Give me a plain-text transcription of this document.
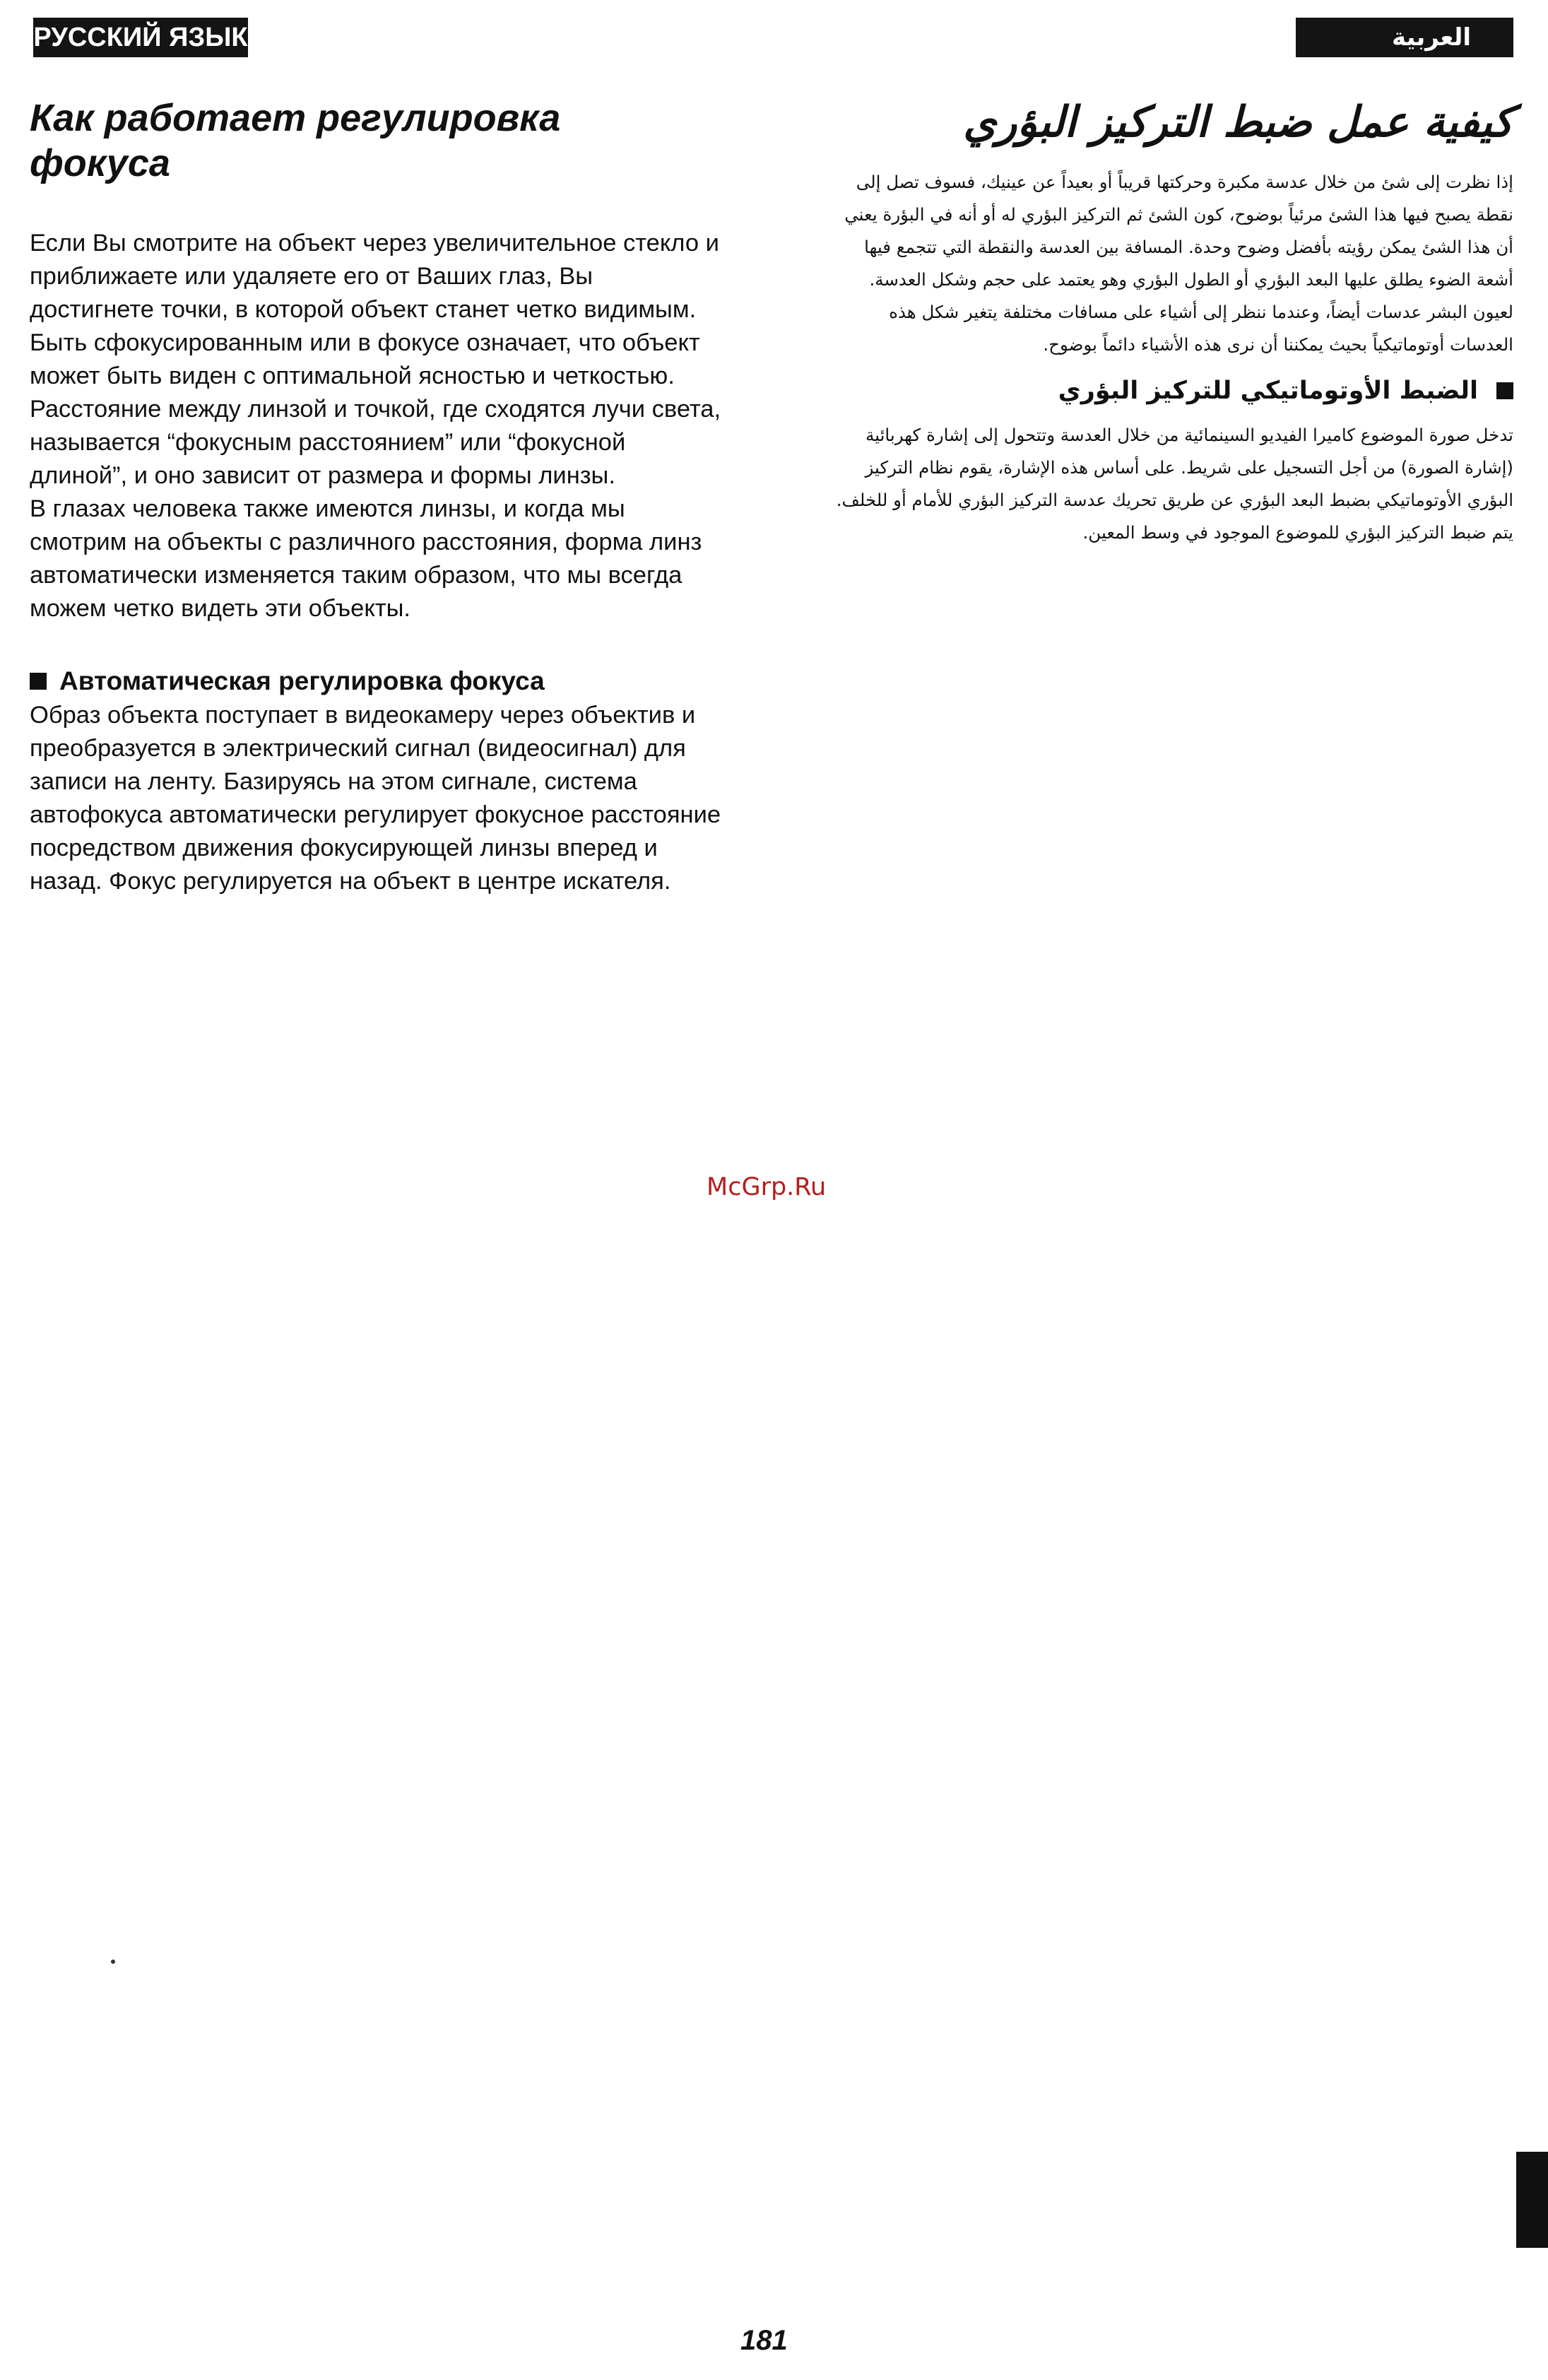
РУССКИЙ ЯЗЫК	العربية
Как работает регулировка фокуса

Если Вы смотрите на объект через увеличительное стекло и приближаете или удаляете его от Ваших глаз, Вы достигнете точки, в которой объект станет четко видимым.

Быть сфокусированным или в фокусе означает, что объект может быть виден с оптимальной ясностью и четкостью. Расстояние между линзой и точкой, где сходятся лучи света, называется “фокусным расстоянием” или “фокусной длиной”, и оно зависит от размера и формы линзы.

В глазах человека также имеются линзы, и когда мы смотрим на объекты с различного расстояния, форма линз автоматически изменяется таким образом, что мы всегда можем четко видеть эти объекты.

Автоматическая регулировка фокуса

Образ объекта поступает в видеокамеру через объектив и преобразуется в электрический сигнал (видеосигнал) для записи на ленту. Базируясь на этом сигнале, система автофокуса автоматически регулирует фокусное расстояние посредством движения фокусирующей линзы вперед и назад. Фокус регулируется на объект в центре искателя.

كيفية عمل ضبط التركيز البؤري

إذا نظرت إلى شئ من خلال عدسة مكبرة وحركتها قريباً أو بعيداً عن عينيك، فسوف تصل إلى نقطة يصبح فيها هذا الشئ مرئياً بوضوح، كون الشئ ثم التركيز البؤري له أو أنه في البؤرة يعني أن هذا الشئ يمكن رؤيته بأفضل وضوح وحدة. المسافة بين العدسة والنقطة التي تتجمع فيها أشعة الضوء يطلق عليها البعد البؤري أو الطول البؤري وهو يعتمد على حجم وشكل العدسة.

لعيون البشر عدسات أيضاً، وعندما ننظر إلى أشياء على مسافات مختلفة يتغير شكل هذه العدسات أوتوماتيكياً بحيث يمكننا أن نرى هذه الأشياء دائماً بوضوح.

الضبط الأوتوماتيكي للتركيز البؤري

تدخل صورة الموضوع كاميرا الفيديو السينمائية من خلال العدسة وتتحول إلى إشارة كهربائية (إشارة الصورة) من أجل التسجيل على شريط. على أساس هذه الإشارة، يقوم نظام التركيز البؤري الأوتوماتيكي بضبط البعد البؤري عن طريق تحريك عدسة التركيز البؤري للأمام أو للخلف.

يتم ضبط التركيز البؤري للموضوع الموجود في وسط المعين.

McGrp.Ru
181
